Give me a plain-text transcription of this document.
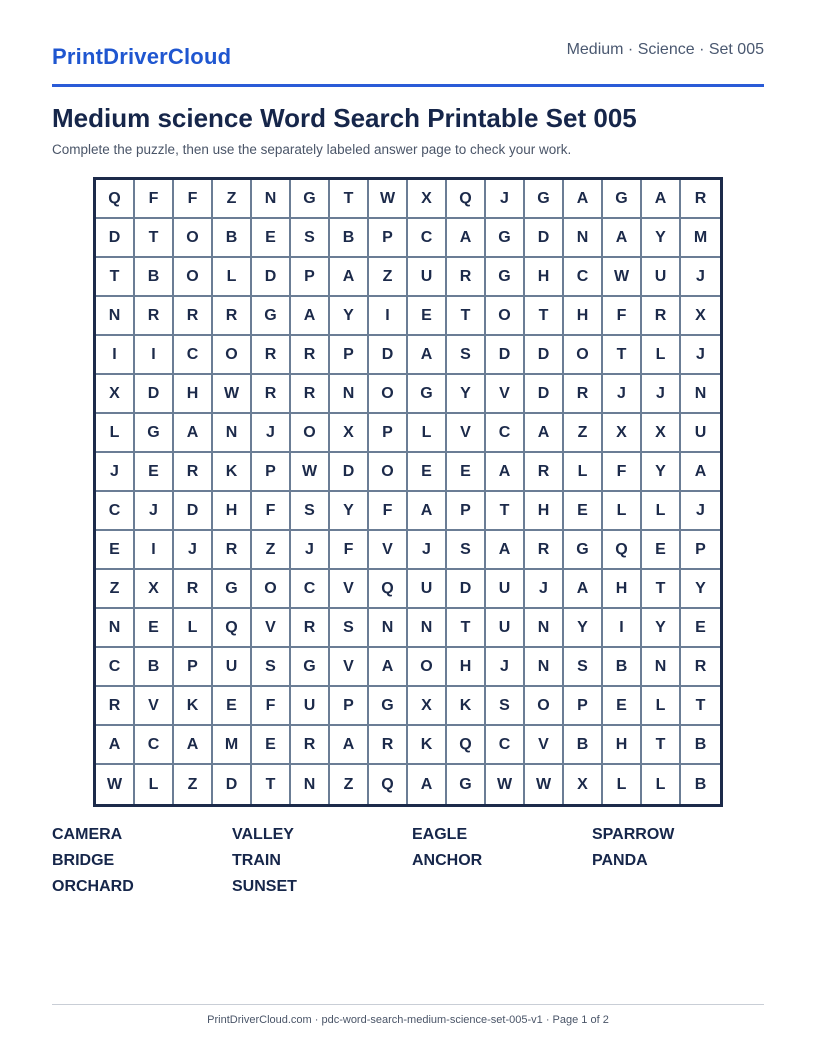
PrintDriverCloud	Medium · Science · Set 005
Medium science Word Search Printable Set 005

Complete the puzzle, then use the separately labeled answer page to check your work.

Q	F	F	Z	N	G	T	W	X	Q	J	G	A	G	A	R
D	T	O	B	E	S	B	P	C	A	G	D	N	A	Y	M
T	B	O	L	D	P	A	Z	U	R	G	H	C	W	U	J
N	R	R	R	G	A	Y	I	E	T	O	T	H	F	R	X
I	I	C	O	R	R	P	D	A	S	D	D	O	T	L	J
X	D	H	W	R	R	N	O	G	Y	V	D	R	J	J	N
L	G	A	N	J	O	X	P	L	V	C	A	Z	X	X	U
J	E	R	K	P	W	D	O	E	E	A	R	L	F	Y	A
C	J	D	H	F	S	Y	F	A	P	T	H	E	L	L	J
E	I	J	R	Z	J	F	V	J	S	A	R	G	Q	E	P
Z	X	R	G	O	C	V	Q	U	D	U	J	A	H	T	Y
N	E	L	Q	V	R	S	N	N	T	U	N	Y	I	Y	E
C	B	P	U	S	G	V	A	O	H	J	N	S	B	N	R
R	V	K	E	F	U	P	G	X	K	S	O	P	E	L	T
A	C	A	M	E	R	A	R	K	Q	C	V	B	H	T	B
W	L	Z	D	T	N	Z	Q	A	G	W	W	X	L	L	B
CAMERA	VALLEY	EAGLE	SPARROW
BRIDGE	TRAIN	ANCHOR	PANDA
ORCHARD	SUNSET
PrintDriverCloud.com · pdc-word-search-medium-science-set-005-v1 · Page 1 of 2
